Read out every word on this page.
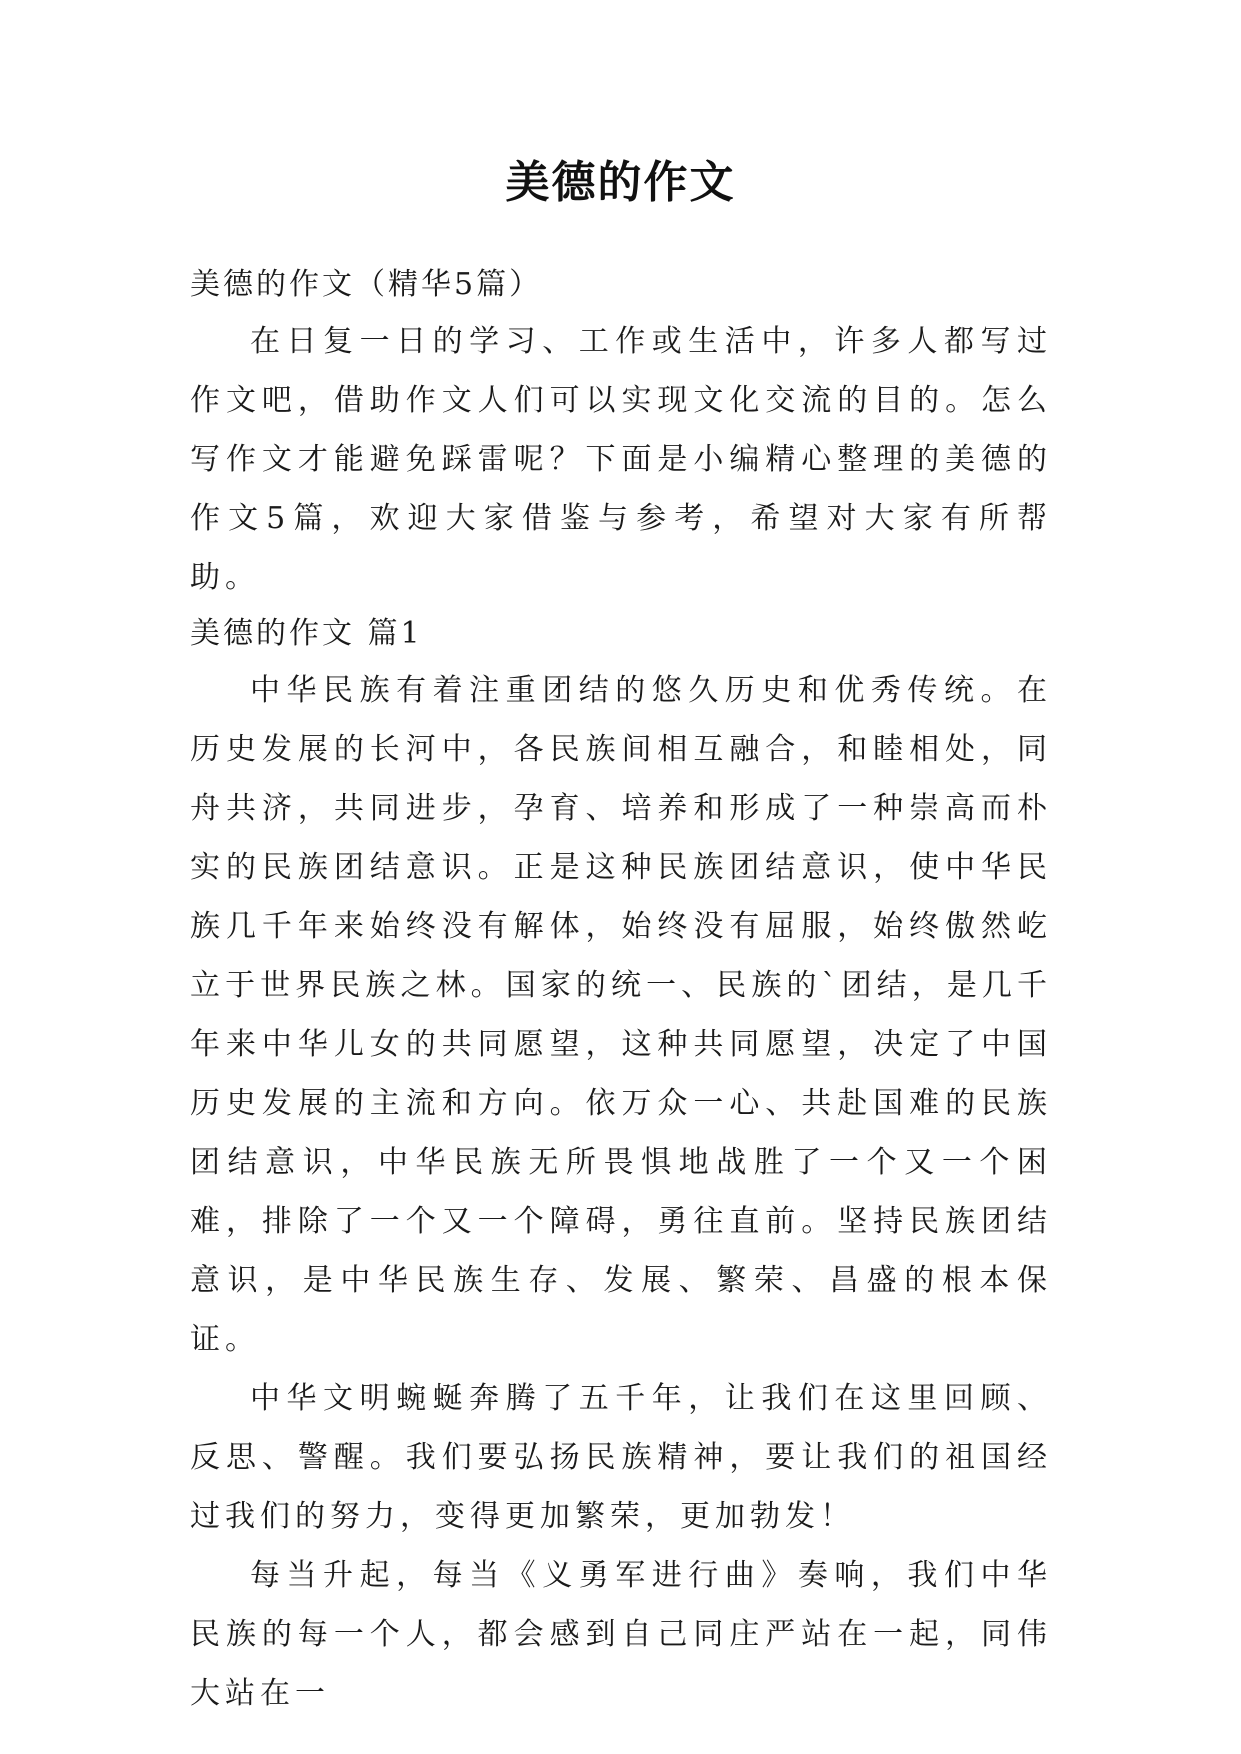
美德的作文

美德的作文（精华5篇）

在日复一日的学习、工作或生活中，许多人都写过作文吧，借助作文人们可以实现文化交流的目的。怎么写作文才能避免踩雷呢？下面是小编精心整理的美德的作文5篇，欢迎大家借鉴与参考，希望对大家有所帮助。

美德的作文 篇1

中华民族有着注重团结的悠久历史和优秀传统。在历史发展的长河中，各民族间相互融合，和睦相处，同舟共济，共同进步，孕育、培养和形成了一种崇高而朴实的民族团结意识。正是这种民族团结意识，使中华民族几千年来始终没有解体，始终没有屈服，始终傲然屹立于世界民族之林。国家的统一、民族的`团结，是几千年来中华儿女的共同愿望，这种共同愿望，决定了中国历史发展的主流和方向。依万众一心、共赴国难的民族团结意识，中华民族无所畏惧地战胜了一个又一个困难，排除了一个又一个障碍，勇往直前。坚持民族团结意识，是中华民族生存、发展、繁荣、昌盛的根本保证。

中华文明蜿蜒奔腾了五千年，让我们在这里回顾、反思、警醒。我们要弘扬民族精神，要让我们的祖国经过我们的努力，变得更加繁荣，更加勃发！

每当升起，每当《义勇军进行曲》奏响，我们中华民族的每一个人，都会感到自己同庄严站在一起，同伟大站在一
